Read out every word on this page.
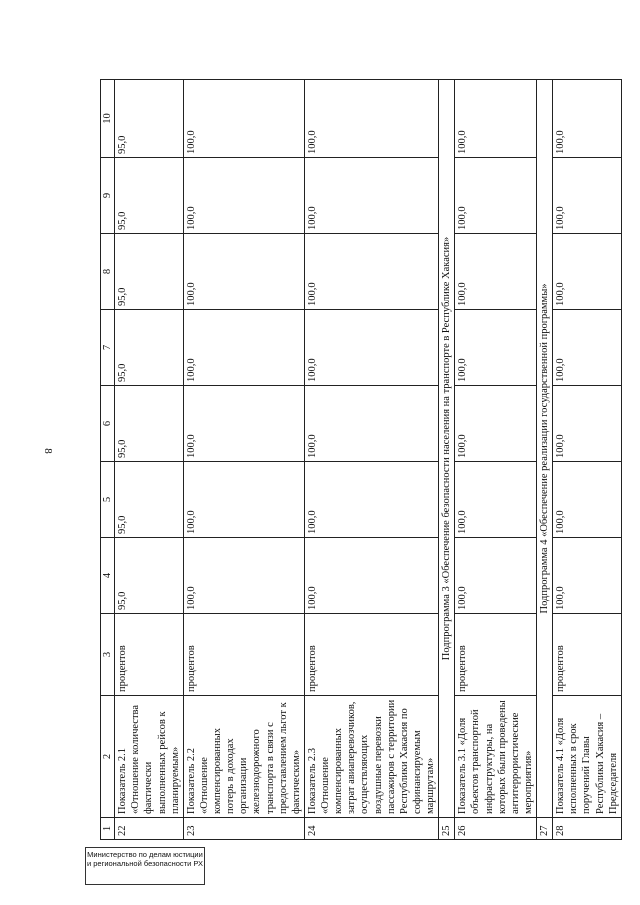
8
1	2	3	4	5	6	7	8	9	10
22	Показатель 2.1 «Отношение количества фактически выполненных рейсов к планируемым»	процентов	95,0	95,0	95,0	95,0	95,0	95,0	95,0
23	Показатель 2.2 «Отношение компенсированных потерь в доходах организации железнодорожного транспорта в связи с предоставлением льгот к фактическим»	процентов	100,0	100,0	100,0	100,0	100,0	100,0	100,0
24	Показатель 2.3 «Отношение компенсированных затрат авиаперевозчиков, осуществляющих воздушные перевозки пассажиров с территории Республики Хакасия по софинансируемым маршрутам»	процентов	100,0	100,0	100,0	100,0	100,0	100,0	100,0
25	Подпрограмма 3 «Обеспечение безопасности населения на транспорте в Республике Хакасия»								
26	Показатель 3.1 «Доля объектов транспортной инфраструктуры, на которых были проведены антитеррористические мероприятия»	процентов	100,0	100,0	100,0	100,0	100,0	100,0	100,0
27	Подпрограмма 4 «Обеспечение реализации государственной программы»								
28	Показатель 4.1 «Доля исполненных в срок поручений Главы Республики Хакасия – Председателя	процентов	100,0	100,0	100,0	100,0	100,0	100,0	100,0
Министерство по делам юстиции и региональной безопасности РХ
